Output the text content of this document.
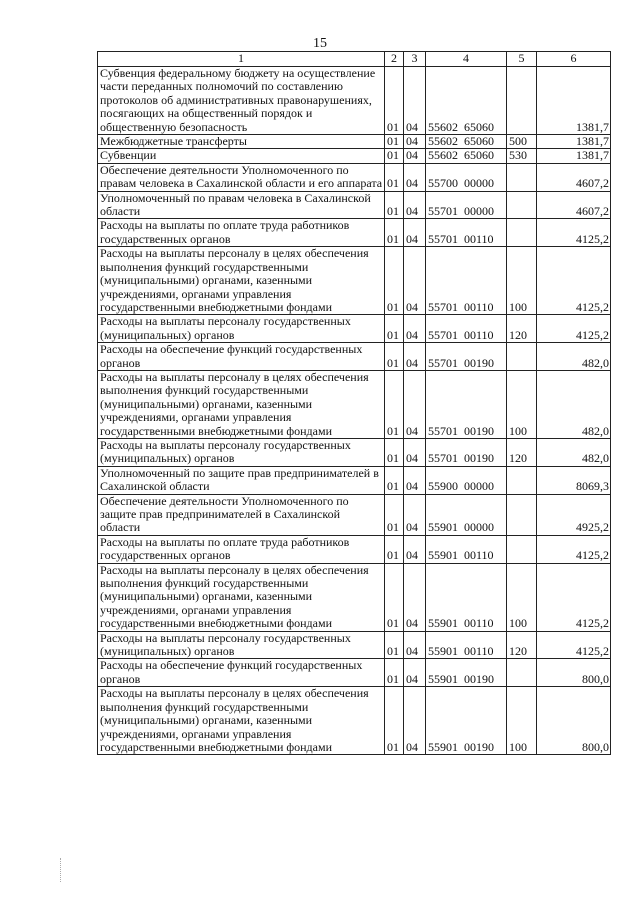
15
1	2	3	4	5	6
Субвенция федеральному бюджету на осуществление части переданных полномочий по составлению протоколов об административных правонарушениях, посягающих на общественный порядок и общественную безопасность	01	04	55602  65060		1381,7
Межбюджетные трансферты	01	04	55602  65060	500	1381,7
Субвенции	01	04	55602  65060	530	1381,7
Обеспечение деятельности Уполномоченного по правам человека в Сахалинской области и его аппарата	01	04	55700  00000		4607,2
Уполномоченный по правам человека в Сахалинской области	01	04	55701  00000		4607,2
Расходы на выплаты по оплате труда работников государственных органов	01	04	55701  00110		4125,2
Расходы на выплаты персоналу в целях обеспечения выполнения функций государственными (муниципальными) органами, казенными учреждениями, органами управления государственными внебюджетными фондами	01	04	55701  00110	100	4125,2
Расходы на выплаты персоналу государственных (муниципальных) органов	01	04	55701  00110	120	4125,2
Расходы на обеспечение функций государственных органов	01	04	55701  00190		482,0
Расходы на выплаты персоналу в целях обеспечения выполнения функций государственными (муниципальными) органами, казенными учреждениями, органами управления государственными внебюджетными фондами	01	04	55701  00190	100	482,0
Расходы на выплаты персоналу государственных (муниципальных) органов	01	04	55701  00190	120	482,0
Уполномоченный по защите прав предпринимателей в Сахалинской области	01	04	55900  00000		8069,3
Обеспечение деятельности Уполномоченного по защите прав предпринимателей в Сахалинской области	01	04	55901  00000		4925,2
Расходы на выплаты по оплате труда работников государственных органов	01	04	55901  00110		4125,2
Расходы на выплаты персоналу в целях обеспечения выполнения функций государственными (муниципальными) органами, казенными учреждениями, органами управления государственными внебюджетными фондами	01	04	55901  00110	100	4125,2
Расходы на выплаты персоналу государственных (муниципальных) органов	01	04	55901  00110	120	4125,2
Расходы на обеспечение функций государственных органов	01	04	55901  00190		800,0
Расходы на выплаты персоналу в целях обеспечения выполнения функций государственными (муниципальными) органами, казенными учреждениями, органами управления государственными внебюджетными фондами	01	04	55901  00190	100	800,0
